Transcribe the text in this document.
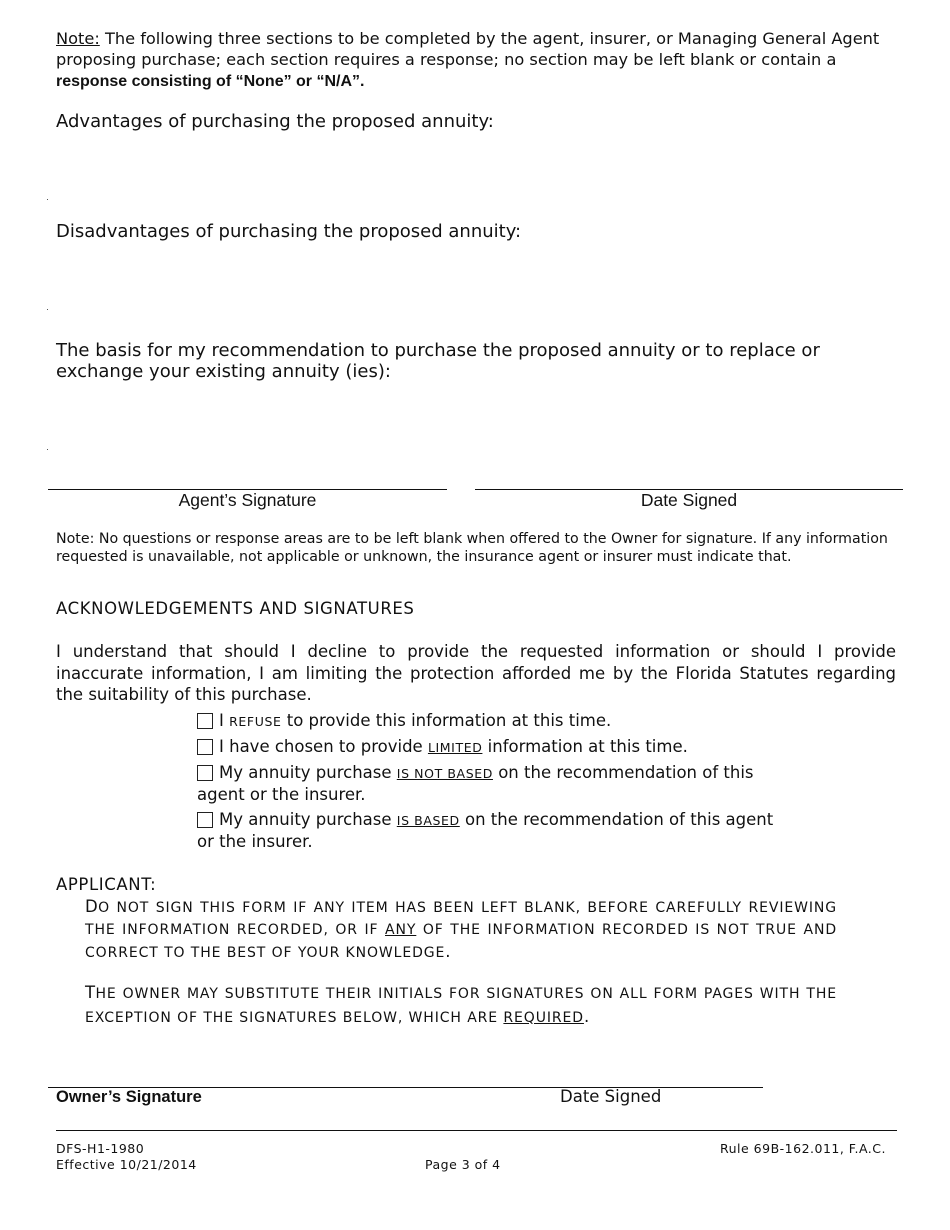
Note: The following three sections to be completed by the agent, insurer, or Managing General Agent proposing purchase; each section requires a response; no section may be left blank or contain a response consisting of “None” or “N/A”.
Advantages of purchasing the proposed annuity:
Disadvantages of purchasing the proposed annuity:
The basis for my recommendation to purchase the proposed annuity or to replace or
exchange your existing annuity (ies):
Agent’s Signature	Date Signed
Note: No questions or response areas are to be left blank when offered to the Owner for signature. If any information requested is unavailable, not applicable or unknown, the insurance agent or insurer must indicate that.
ACKNOWLEDGEMENTS AND SIGNATURES
I understand that should I decline to provide the requested information or should I provide inaccurate information, I am limiting the protection afforded me by the Florida Statutes regarding the suitability of this purchase.
I REFUSE to provide this information at this time.
I have chosen to provide LIMITED information at this time.
My annuity purchase IS NOT BASED on the recommendation of this
agent or the insurer.
My annuity purchase IS BASED on the recommendation of this agent
or the insurer.
APPLICANT:
DO NOT SIGN THIS FORM IF ANY ITEM HAS BEEN LEFT BLANK, BEFORE CAREFULLY REVIEWING THE INFORMATION RECORDED, OR IF ANY OF THE INFORMATION RECORDED IS NOT TRUE AND CORRECT TO THE BEST OF YOUR KNOWLEDGE.
THE OWNER MAY SUBSTITUTE THEIR INITIALS FOR SIGNATURES ON ALL FORM PAGES WITH THE EXCEPTION OF THE SIGNATURES BELOW, WHICH ARE REQUIRED.
Owner’s Signature	Date Signed
DFS-H1-1980
Effective 10/21/2014	Page 3 of 4
Rule 69B-162.011, F.A.C.
